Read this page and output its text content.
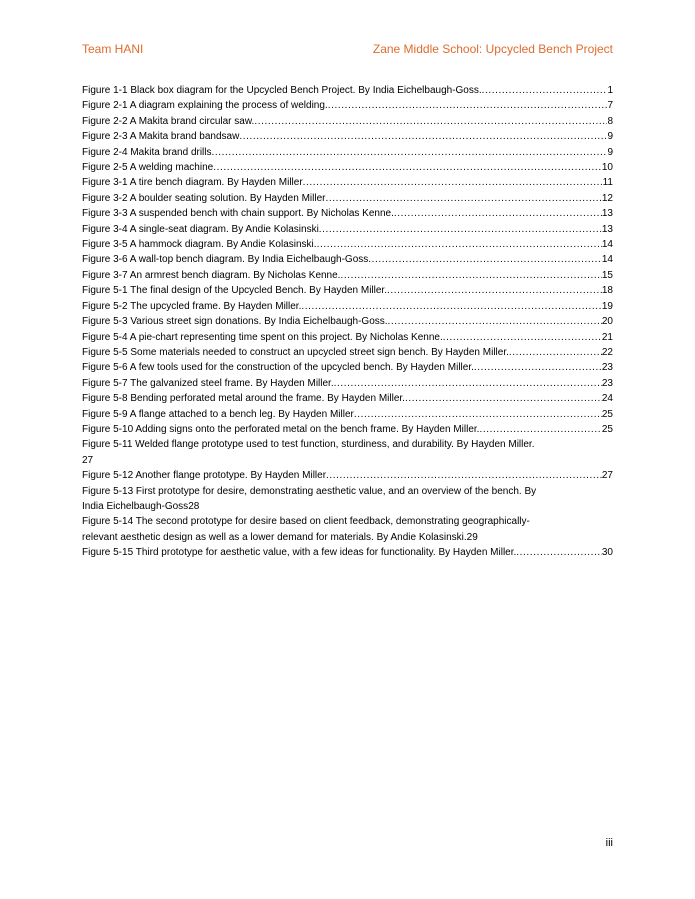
Team HANI	Zane Middle School: Upcycled Bench Project
Figure 1-1 Black box diagram for the Upcycled Bench Project. By India Eichelbaugh-Goss. .....	1
Figure 2-1 A diagram explaining the process of welding. .....	7
Figure 2-2 A Makita brand circular saw. .....	8
Figure 2-3 A Makita brand bandsaw .....	9
Figure 2-4 Makita brand drills .....	9
Figure 2-5 A welding machine .....	10
Figure 3-1 A tire bench diagram. By Hayden Miller .....	11
Figure 3-2 A boulder seating solution. By Hayden Miller .....	12
Figure 3-3 A suspended bench with chain support. By Nicholas Kenne. .....	13
Figure 3-4 A single-seat diagram. By Andie Kolasinski .....	13
Figure 3-5 A hammock diagram. By Andie Kolasinski. .....	14
Figure 3-6 A wall-top bench diagram. By India Eichelbaugh-Goss .....	14
Figure 3-7 An armrest bench diagram. By Nicholas Kenne. .....	15
Figure 5-1 The final design of the Upcycled Bench. By Hayden Miller. .....	18
Figure 5-2 The upcycled frame. By Hayden Miller. .....	19
Figure 5-3 Various street sign donations. By India Eichelbaugh-Goss. .....	20
Figure 5-4 A pie-chart representing time spent on this project. By Nicholas Kenne. .....	21
Figure 5-5 Some materials needed to construct an upcycled street sign bench. By Hayden Miller. .....	22
Figure 5-6 A few tools used for the construction of the upcycled bench. By Hayden Miller. .....	23
Figure 5-7 The galvanized steel frame. By Hayden Miller. .....	23
Figure 5-8 Bending perforated metal around the frame. By Hayden Miller. .....	24
Figure 5-9 A flange attached to a bench leg. By Hayden Miller .....	25
Figure 5-10 Adding signs onto the perforated metal on the bench frame. By Hayden Miller. .....	25
Figure 5-11 Welded flange prototype used to test function, sturdiness, and durability. By Hayden Miller.
27
Figure 5-12 Another flange prototype. By Hayden Miller .....	27
Figure 5-13 First prototype for desire, demonstrating aesthetic value, and an overview of the bench. By
India Eichelbaugh-Goss 28
Figure 5-14 The second prototype for desire based on client feedback, demonstrating geographically-
relevant aesthetic design as well as a lower demand for materials. By Andie Kolasinski. 29
Figure 5-15 Third prototype for aesthetic value, with a few ideas for functionality. By Hayden Miller. .....	30
iii
